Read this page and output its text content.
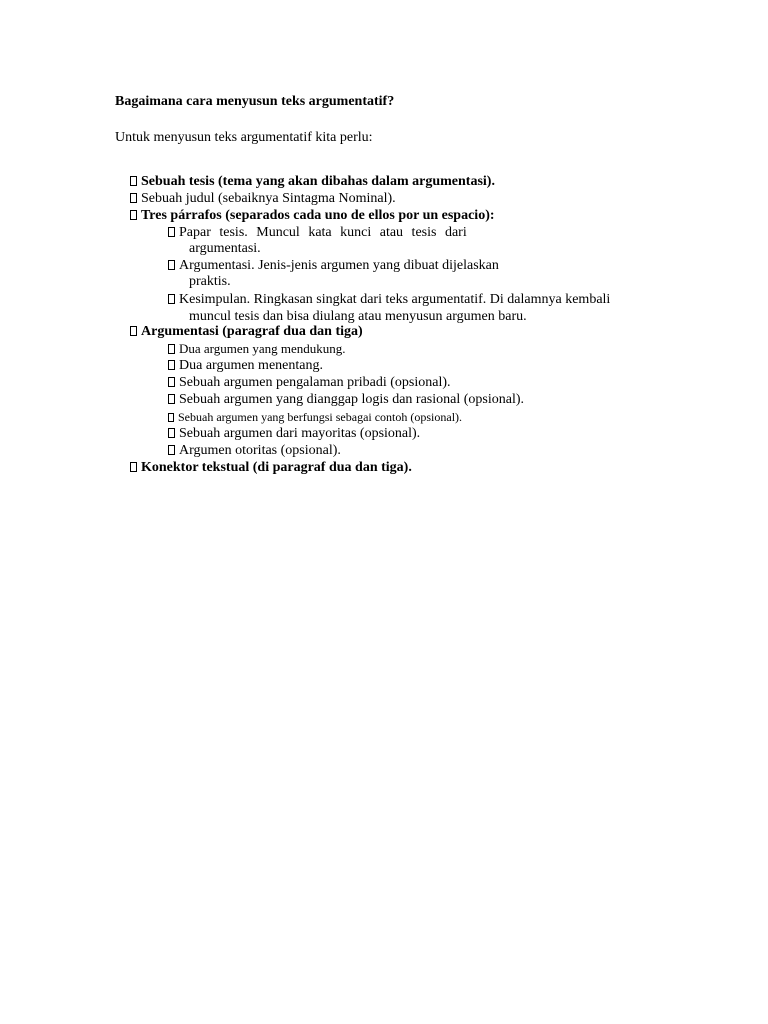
Bagaimana cara menyusun teks argumentatif?
Untuk menyusun teks argumentatif kita perlu:
Sebuah tesis (tema yang akan dibahas dalam argumentasi).
Sebuah judul (sebaiknya Sintagma Nominal).
Tres párrafos (separados cada uno de ellos por un espacio):
Papar tesis. Muncul kata kunci atau tesis dari
argumentasi.
Argumentasi. Jenis-jenis argumen yang dibuat dijelaskan
praktis.
Kesimpulan. Ringkasan singkat dari teks argumentatif. Di dalamnya kembali
muncul tesis dan bisa diulang atau menyusun argumen baru.
Argumentasi (paragraf dua dan tiga)
Dua argumen yang mendukung.
Dua argumen menentang.
Sebuah argumen pengalaman pribadi (opsional).
Sebuah argumen yang dianggap logis dan rasional (opsional).
Sebuah argumen yang berfungsi sebagai contoh (opsional).
Sebuah argumen dari mayoritas (opsional).
Argumen otoritas (opsional).
Konektor tekstual (di paragraf dua dan tiga).
